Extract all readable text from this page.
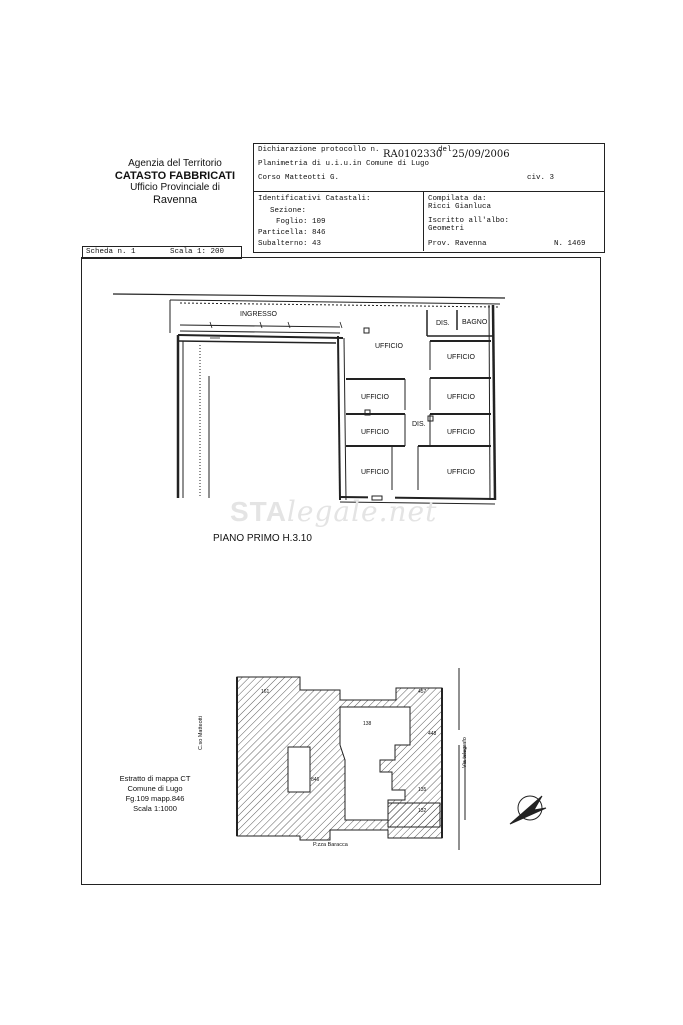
Agenzia del Territorio
CATASTO FABBRICATI
Ufficio Provinciale di
Ravenna
Dichiarazione protocollo n. RA0102330
del 25/09/2006
Planimetria di u.i.u.in Comune di Lugo
Corso Matteotti G.	civ. 3
Identificativi Catastali:
Sezione:
Foglio: 109
Particella: 846
Subalterno: 43
Compilata da:
Ricci Gianluca
Iscritto all'albo:
Geometri
Prov. Ravenna	N. 1469
Scheda n. 1	Scala 1: 200
INGRESSO
DIS. BAGNO
UFFICIO
UFFICIO
UFFICIO	UFFICIO
DIS.
UFFICIO	UFFICIO
UFFICIO	UFFICIO
STAlegale.net
PIANO PRIMO H.3.10
161	457
138
448
846
135
132
P.zza Baracca
C.so Matteotti
Via telegrafo
Estratto di mappa CT
Comune di Lugo
Fg.109 mapp.846
Scala 1:1000
